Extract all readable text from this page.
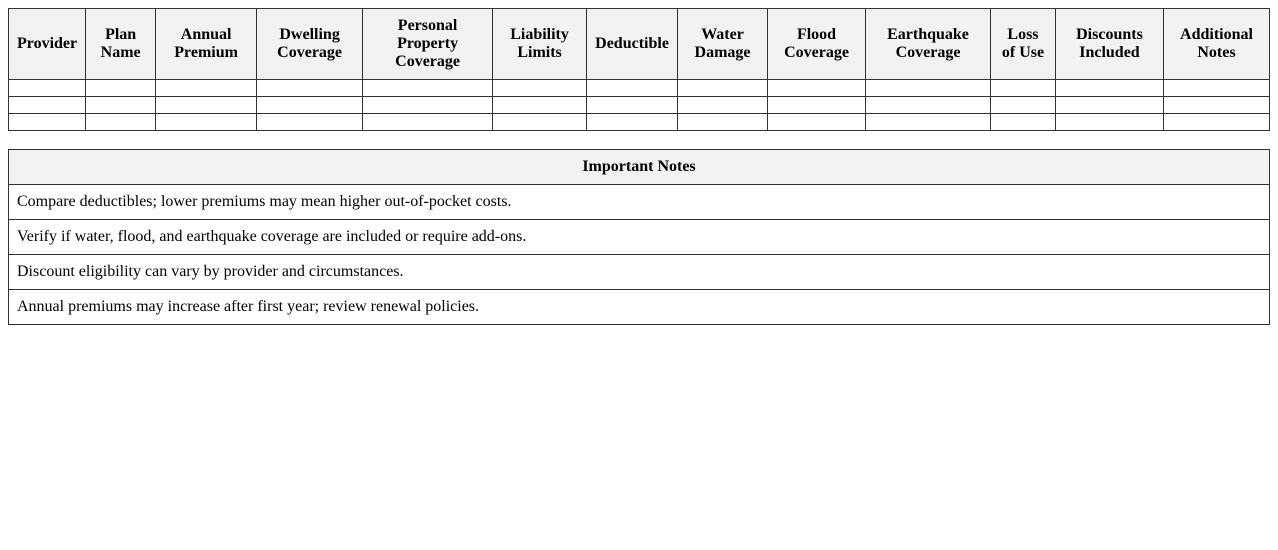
Provider	Plan Name	Annual Premium	Dwelling Coverage	Personal Property Coverage	Liability Limits	Deductible	Water Damage	Flood Coverage	Earthquake Coverage	Loss of Use	Discounts Included	Additional Notes

Important Notes
Compare deductibles; lower premiums may mean higher out-of-pocket costs.
Verify if water, flood, and earthquake coverage are included or require add-ons.
Discount eligibility can vary by provider and circumstances.
Annual premiums may increase after first year; review renewal policies.
